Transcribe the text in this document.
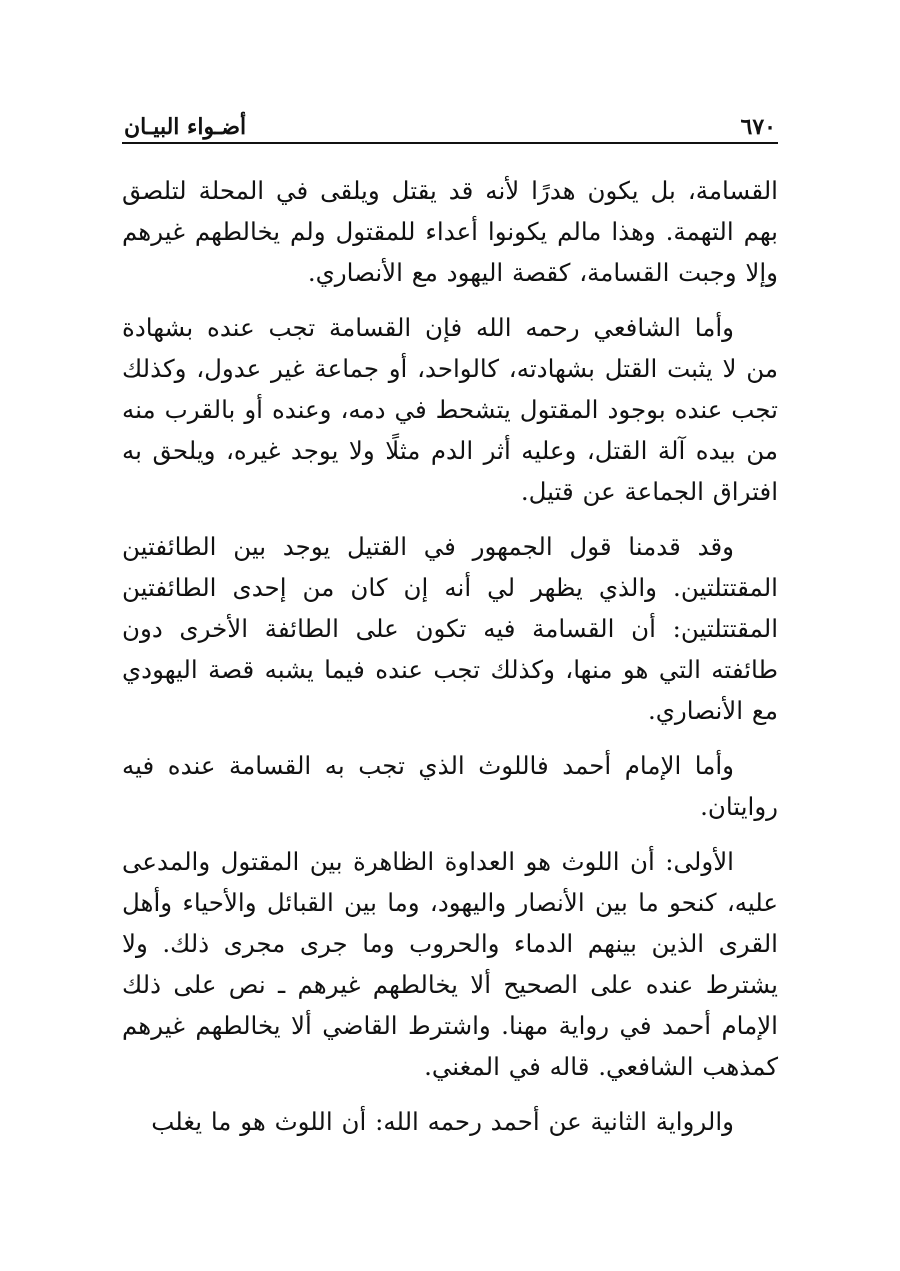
٦٧٠
أضـواء البيـان

القسامة، بل يكون هدرًا لأنه قد يقتل ويلقى في المحلة لتلصق بهم التهمة. وهذا مالم يكونوا أعداء للمقتول ولم يخالطهم غيرهم وإلا وجبت القسامة، كقصة اليهود مع الأنصاري.

وأما الشافعي رحمه الله فإن القسامة تجب عنده بشهادة من لا يثبت القتل بشهادته، كالواحد، أو جماعة غير عدول، وكذلك تجب عنده بوجود المقتول يتشحط في دمه، وعنده أو بالقرب منه من بيده آلة القتل، وعليه أثر الدم مثلًا ولا يوجد غيره، ويلحق به افتراق الجماعة عن قتيل.

وقد قدمنا قول الجمهور في القتيل يوجد بين الطائفتين المقتتلتين. والذي يظهر لي أنه إن كان من إحدى الطائفتين المقتتلتين: أن القسامة فيه تكون على الطائفة الأخرى دون طائفته التي هو منها، وكذلك تجب عنده فيما يشبه قصة اليهودي مع الأنصاري.

وأما الإمام أحمد فاللوث الذي تجب به القسامة عنده فيه روايتان.

الأولى: أن اللوث هو العداوة الظاهرة بين المقتول والمدعى عليه، كنحو ما بين الأنصار واليهود، وما بين القبائل والأحياء وأهل القرى الذين بينهم الدماء والحروب وما جرى مجرى ذلك. ولا يشترط عنده على الصحيح ألا يخالطهم غيرهم ـ نص على ذلك الإمام أحمد في رواية مهنا. واشترط القاضي ألا يخالطهم غيرهم كمذهب الشافعي. قاله في المغني.

والرواية الثانية عن أحمد رحمه الله: أن اللوث هو ما يغلب
